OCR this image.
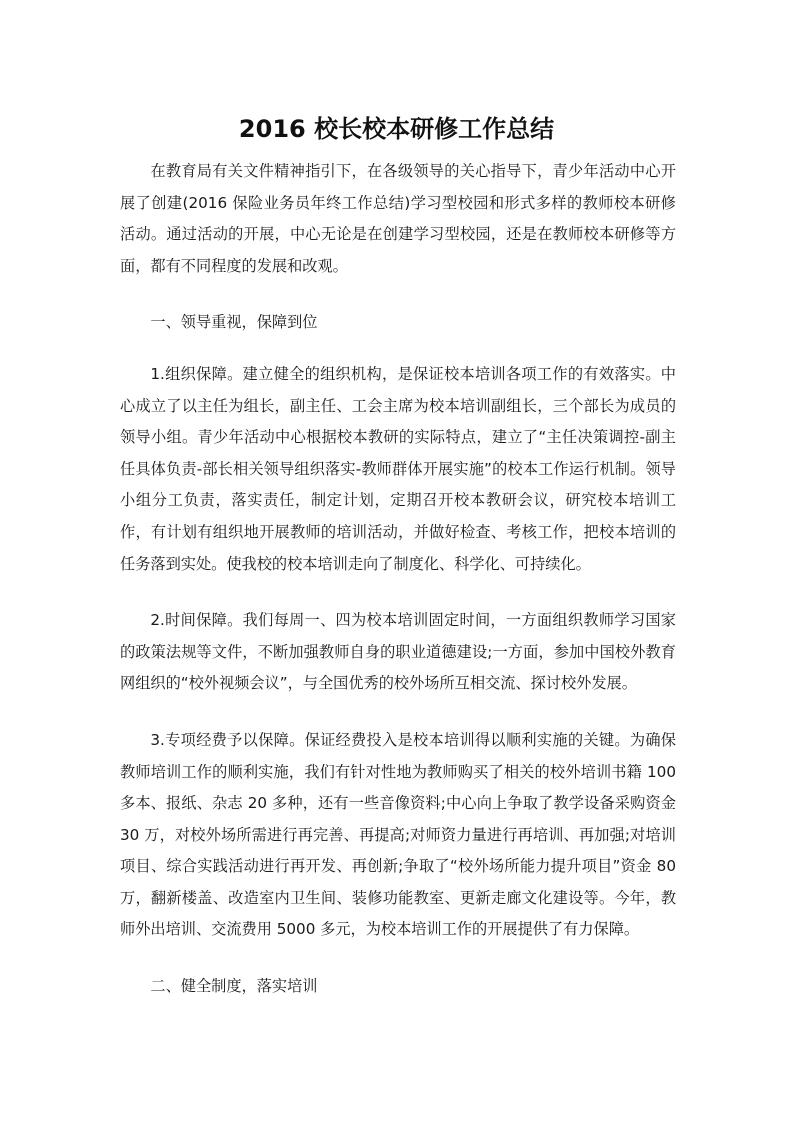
2016 校长校本研修工作总结

在教育局有关文件精神指引下，在各级领导的关心指导下，青少年活动中心开展了创建(2016 保险业务员年终工作总结)学习型校园和形式多样的教师校本研修活动。通过活动的开展，中心无论是在创建学习型校园，还是在教师校本研修等方面，都有不同程度的发展和改观。

一、领导重视，保障到位

1.组织保障。建立健全的组织机构，是保证校本培训各项工作的有效落实。中心成立了以主任为组长，副主任、工会主席为校本培训副组长，三个部长为成员的领导小组。青少年活动中心根据校本教研的实际特点，建立了“主任决策调控-副主任具体负责-部长相关领导组织落实-教师群体开展实施”的校本工作运行机制。领导小组分工负责，落实责任，制定计划，定期召开校本教研会议，研究校本培训工作，有计划有组织地开展教师的培训活动，并做好检查、考核工作，把校本培训的任务落到实处。使我校的校本培训走向了制度化、科学化、可持续化。

2.时间保障。我们每周一、四为校本培训固定时间，一方面组织教师学习国家的政策法规等文件，不断加强教师自身的职业道德建设;一方面，参加中国校外教育网组织的“校外视频会议”，与全国优秀的校外场所互相交流、探讨校外发展。

3.专项经费予以保障。保证经费投入是校本培训得以顺利实施的关键。为确保教师培训工作的顺利实施，我们有针对性地为教师购买了相关的校外培训书籍 100 多本、报纸、杂志 20 多种，还有一些音像资料;中心向上争取了教学设备采购资金 30 万，对校外场所需进行再完善、再提高;对师资力量进行再培训、再加强;对培训项目、综合实践活动进行再开发、再创新;争取了“校外场所能力提升项目”资金 80 万，翻新楼盖、改造室内卫生间、装修功能教室、更新走廊文化建设等。今年，教师外出培训、交流费用 5000 多元，为校本培训工作的开展提供了有力保障。

二、健全制度，落实培训
